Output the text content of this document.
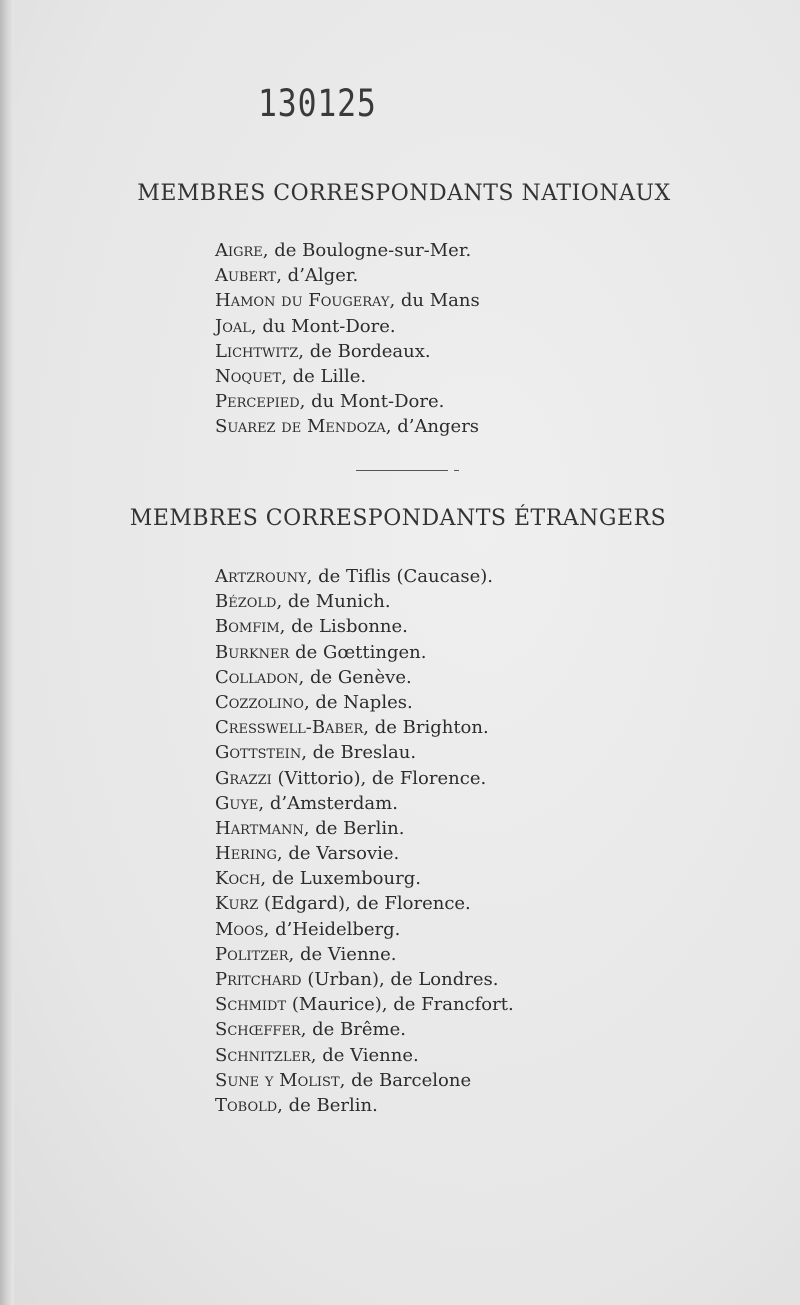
130125
MEMBRES CORRESPONDANTS NATIONAUX
Aigre, de Boulogne-sur-Mer.
Aubert, d’Alger.
Hamon du Fougeray, du Mans
Joal, du Mont-Dore.
Lichtwitz, de Bordeaux.
Noquet, de Lille.
Percepied, du Mont-Dore.
Suarez de Mendoza, d’Angers
MEMBRES CORRESPONDANTS ÉTRANGERS
Artzrouny, de Tiflis (Caucase).
Bézold, de Munich.
Bomfim, de Lisbonne.
Burkner de Gœttingen.
Colladon, de Genève.
Cozzolino, de Naples.
Cresswell-Baber, de Brighton.
Gottstein, de Breslau.
Grazzi (Vittorio), de Florence.
Guye, d’Amsterdam.
Hartmann, de Berlin.
Hering, de Varsovie.
Koch, de Luxembourg.
Kurz (Edgard), de Florence.
Moos, d’Heidelberg.
Politzer, de Vienne.
Pritchard (Urban), de Londres.
Schmidt (Maurice), de Francfort.
Schœffer, de Brême.
Schnitzler, de Vienne.
Sune y Molist, de Barcelone
Tobold, de Berlin.
